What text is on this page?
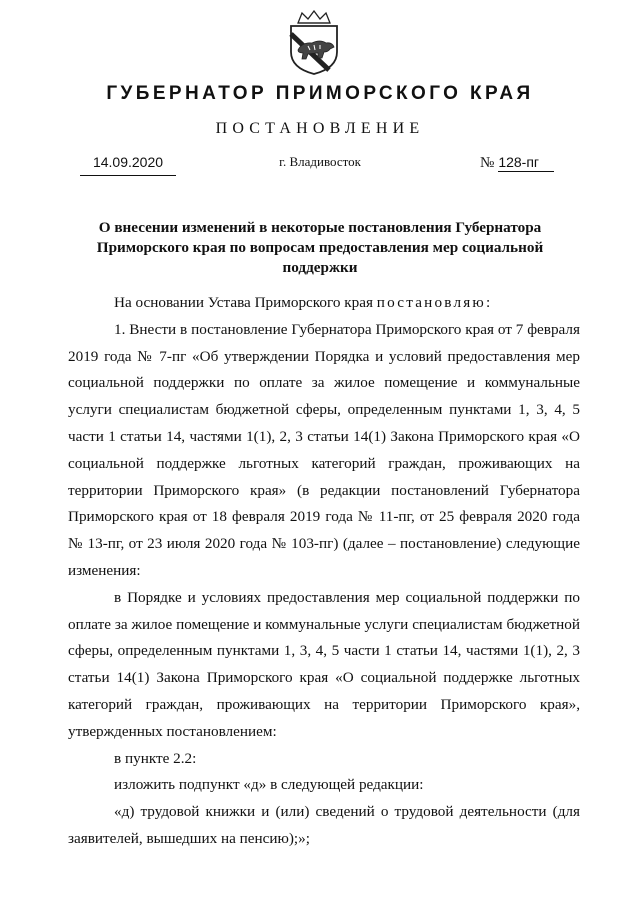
ГУБЕРНАТОР ПРИМОРСКОГО КРАЯ
ПОСТАНОВЛЕНИЕ
14.09.2020	г. Владивосток	№ 128-пг
О внесении изменений в некоторые постановления Губернатора Приморского края по вопросам предоставления мер социальной поддержки

На основании Устава Приморского края постановляю:

1. Внести в постановление Губернатора Приморского края от 7 февраля 2019 года № 7-пг «Об утверждении Порядка и условий предоставления мер социальной поддержки по оплате за жилое помещение и коммунальные услуги специалистам бюджетной сферы, определенным пунктами 1, 3, 4, 5 части 1 статьи 14, частями 1(1), 2, 3 статьи 14(1) Закона Приморского края «О социальной поддержке льготных категорий граждан, проживающих на территории Приморского края» (в редакции постановлений Губернатора Приморского края от 18 февраля 2019 года № 11-пг, от 25 февраля 2020 года № 13-пг, от 23 июля 2020 года № 103-пг) (далее – постановление) следующие изменения:

в Порядке и условиях предоставления мер социальной поддержки по оплате за жилое помещение и коммунальные услуги специалистам бюджетной сферы, определенным пунктами 1, 3, 4, 5 части 1 статьи 14, частями 1(1), 2, 3 статьи 14(1) Закона Приморского края «О социальной поддержке льготных категорий граждан, проживающих на территории Приморского края», утвержденных постановлением:

в пункте 2.2:

изложить подпункт «д» в следующей редакции:

«д) трудовой книжки и (или) сведений о трудовой деятельности (для заявителей, вышедших на пенсию);»;
